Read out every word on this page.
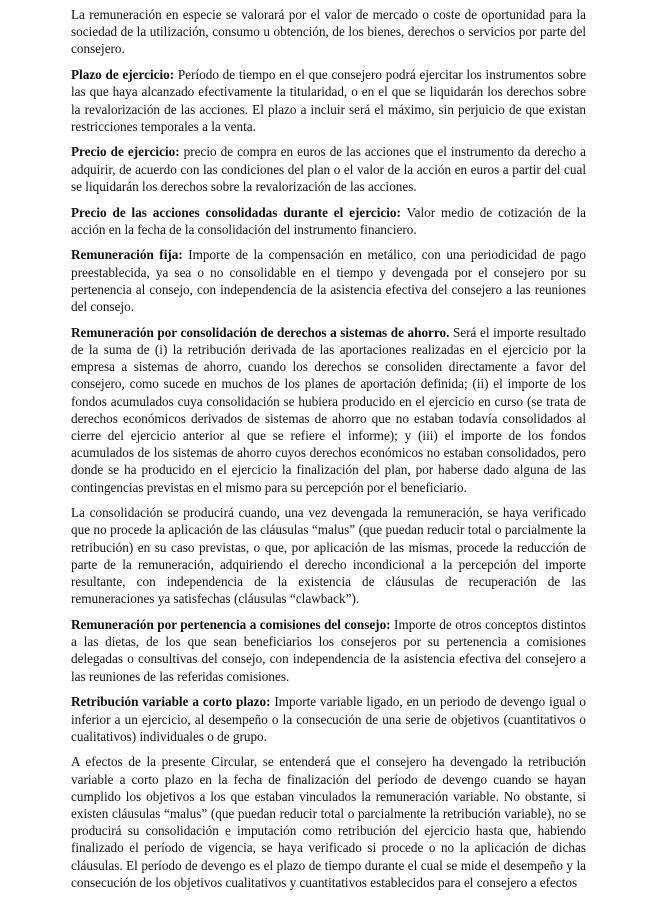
La remuneración en especie se valorará por el valor de mercado o coste de oportunidad para la sociedad de la utilización, consumo u obtención, de los bienes, derechos o servicios por parte del consejero.

Plazo de ejercicio: Período de tiempo en el que consejero podrá ejercitar los instrumentos sobre las que haya alcanzado efectivamente la titularidad, o en el que se liquidarán los derechos sobre la revalorización de las acciones. El plazo a incluir será el máximo, sin perjuicio de que existan restricciones temporales a la venta.

Precio de ejercicio: precio de compra en euros de las acciones que el instrumento da derecho a adquirir, de acuerdo con las condiciones del plan o el valor de la acción en euros a partir del cual se liquidarán los derechos sobre la revalorización de las acciones.

Precio de las acciones consolidadas durante el ejercicio: Valor medio de cotización de la acción en la fecha de la consolidación del instrumento financiero.

Remuneración fija: Importe de la compensación en metálico, con una periodicidad de pago preestablecida, ya sea o no consolidable en el tiempo y devengada por el consejero por su pertenencia al consejo, con independencia de la asistencia efectiva del consejero a las reuniones del consejo.

Remuneración por consolidación de derechos a sistemas de ahorro. Será el importe resultado de la suma de (i) la retribución derivada de las aportaciones realizadas en el ejercicio por la empresa a sistemas de ahorro, cuando los derechos se consoliden directamente a favor del consejero, como sucede en muchos de los planes de aportación definida; (ii) el importe de los fondos acumulados cuya consolidación se hubiera producido en el ejercicio en curso (se trata de derechos económicos derivados de sistemas de ahorro que no estaban todavía consolidados al cierre del ejercicio anterior al que se refiere el informe); y (iii) el importe de los fondos acumulados de los sistemas de ahorro cuyos derechos económicos no estaban consolidados, pero donde se ha producido en el ejercicio la finalización del plan, por haberse dado alguna de las contingencias previstas en el mismo para su percepción por el beneficiario.

La consolidación se producirá cuando, una vez devengada la remuneración, se haya verificado que no procede la aplicación de las cláusulas “malus” (que puedan reducir total o parcialmente la retribución) en su caso previstas, o que, por aplicación de las mismas, procede la reducción de parte de la remuneración, adquiriendo el derecho incondicional a la percepción del importe resultante, con independencia de la existencia de cláusulas de recuperación de las remuneraciones ya satisfechas (cláusulas “clawback”).

Remuneración por pertenencia a comisiones del consejo: Importe de otros conceptos distintos a las dietas, de los que sean beneficiarios los consejeros por su pertenencia a comisiones delegadas o consultivas del consejo, con independencia de la asistencia efectiva del consejero a las reuniones de las referidas comisiones.

Retribución variable a corto plazo: Importe variable ligado, en un periodo de devengo igual o inferior a un ejercicio, al desempeño o la consecución de una serie de objetivos (cuantitativos o cualitativos) individuales o de grupo.

A efectos de la presente Circular, se entenderá que el consejero ha devengado la retribución variable a corto plazo en la fecha de finalización del período de devengo cuando se hayan cumplido los objetivos a los que estaban vinculados la remuneración variable. No obstante, si existen cláusulas “malus” (que puedan reducir total o parcialmente la retribución variable), no se producirá su consolidación e imputación como retribución del ejercicio hasta que, habiendo finalizado el período de vigencia, se haya verificado si procede o no la aplicación de dichas cláusulas. El período de devengo es el plazo de tiempo durante el cual se mide el desempeño y la consecución de los objetivos cualitativos y cuantitativos establecidos para el consejero a efectos
